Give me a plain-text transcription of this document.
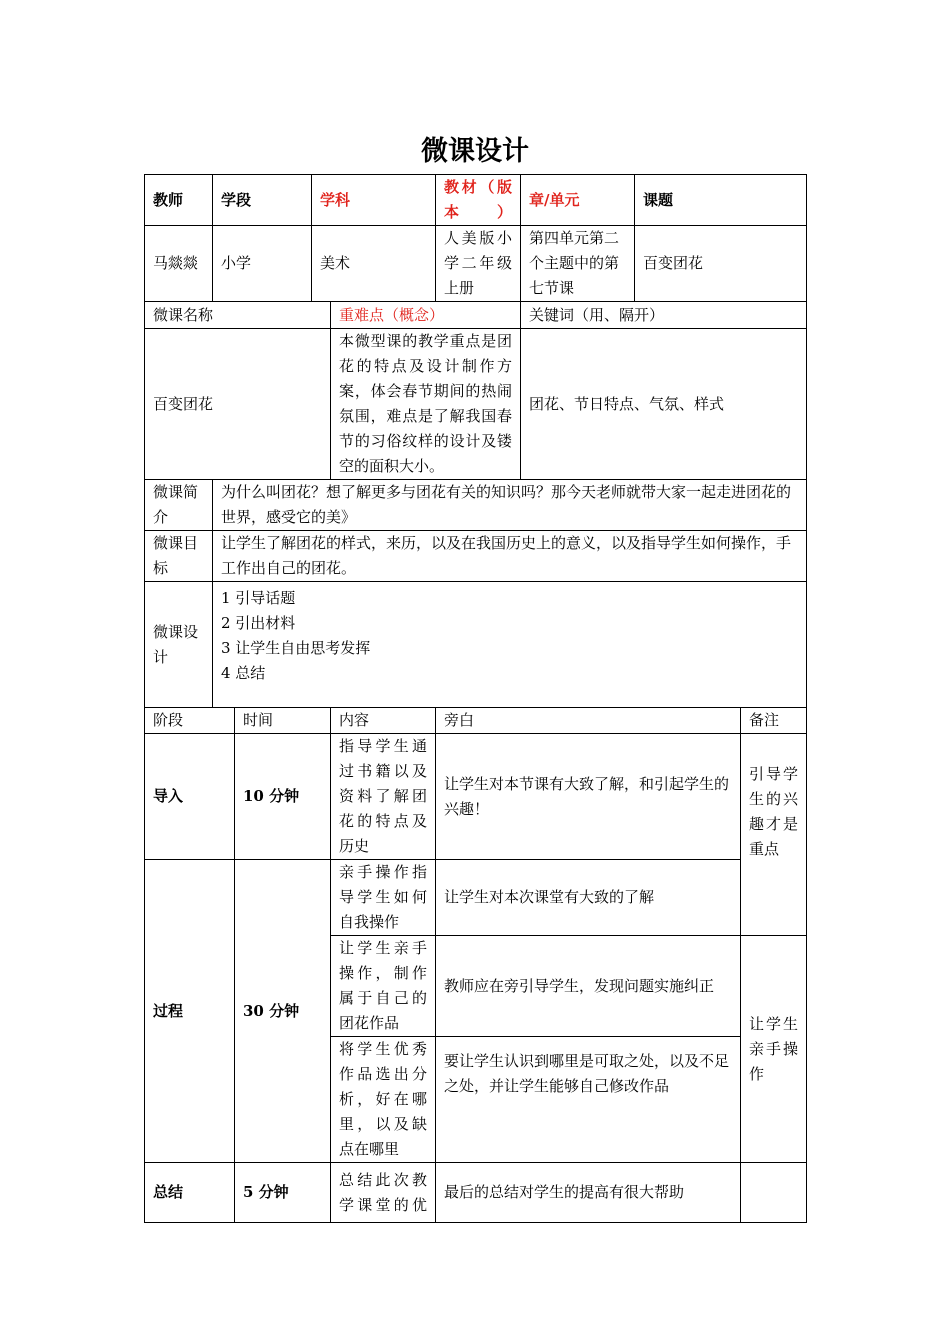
微课设计
教师	学段		学科		教材（版本）	章/单元	课题	
马燚燚	小学		美术		人美版小学二年级上册	第四单元第二个主题中的第七节课	百变团花	
微课名称				重难点（概念）		关键词（用、隔开）		
百变团花				本微型课的教学重点是团花的特点及设计制作方案，体会春节期间的热闹氛围，难点是了解我国春节的习俗纹样的设计及镂空的面积大小。		团花、节日特点、气氛、样式		
微课简介	为什么叫团花？想了解更多与团花有关的知识吗？那今天老师就带大家一起走进团花的世界，感受它的美》							
微课目标	让学生了解团花的样式，来历，以及在我国历史上的意义，以及指导学生如何操作，手工作出自己的团花。							
微课设计	1 引导话题
2 引出材料
3 让学生自由思考发挥
4 总结							

阶段		时间		内容	旁白			备注
导入		10 分钟		指导学生通过书籍以及资料了解团花的特点及历史	让学生对本节课有大致了解，和引起学生的兴趣！			引导学生的兴趣才是重点
过程		30 分钟		亲手操作指导学生如何自我操作	让学生对本次课堂有大致的了解			
				让学生亲手操作，制作属于自己的团花作品	教师应在旁引导学生，发现问题实施纠正			让学生亲手操作
				将学生优秀作品选出分析，好在哪里，以及缺点在哪里	要让学生认识到哪里是可取之处，以及不足之处，并让学生能够自己修改作品			
总结		5 分钟		总结此次教学课堂的优	最后的总结对学生的提高有很大帮助			
